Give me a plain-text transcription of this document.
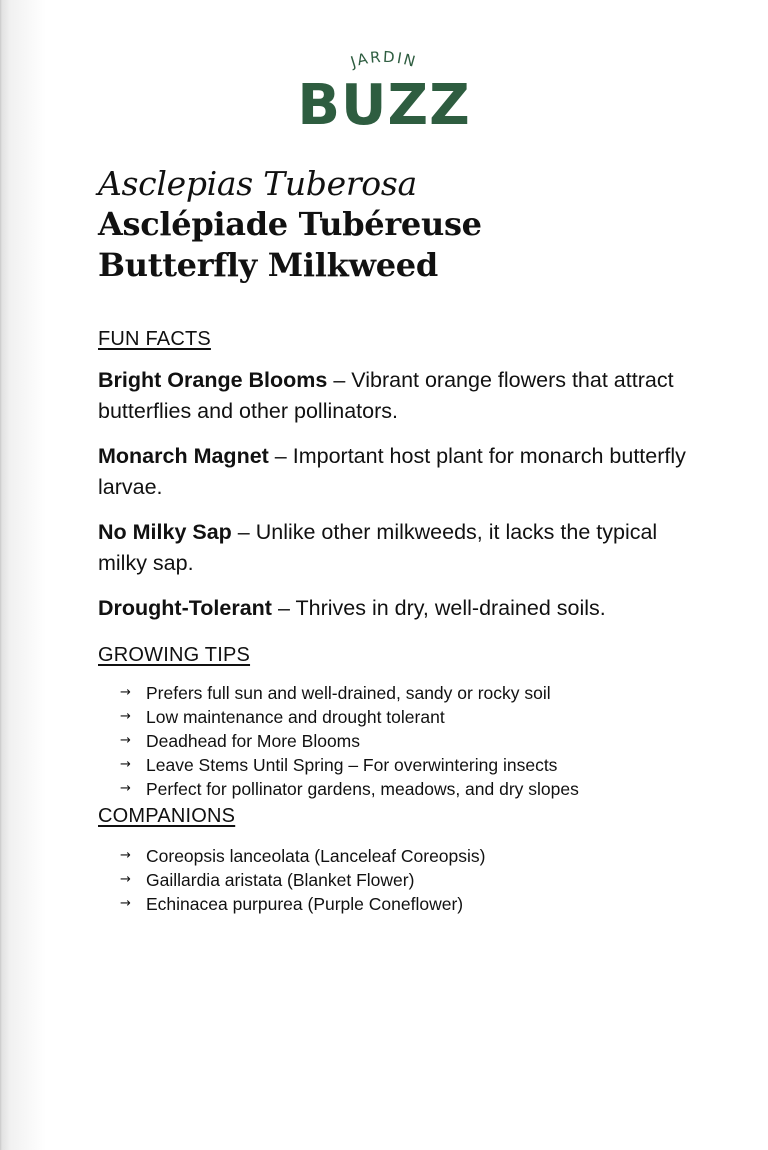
JARDIN
BUZZ

Asclepias Tuberosa

Asclépiade Tubéreuse

Butterfly Milkweed

FUN FACTS

Bright Orange Blooms – Vibrant orange flowers that attract butterflies and other pollinators.

Monarch Magnet – Important host plant for monarch butterfly larvae.

No Milky Sap – Unlike other milkweeds, it lacks the typical milky sap.

Drought-Tolerant – Thrives in dry, well-drained soils.

GROWING TIPS

→ Prefers full sun and well-drained, sandy or rocky soil
→ Low maintenance and drought tolerant
→ Deadhead for More Blooms
→ Leave Stems Until Spring – For overwintering insects
→ Perfect for pollinator gardens, meadows, and dry slopes

COMPANIONS

→ Coreopsis lanceolata (Lanceleaf Coreopsis)
→ Gaillardia aristata (Blanket Flower)
→ Echinacea purpurea (Purple Coneflower)
